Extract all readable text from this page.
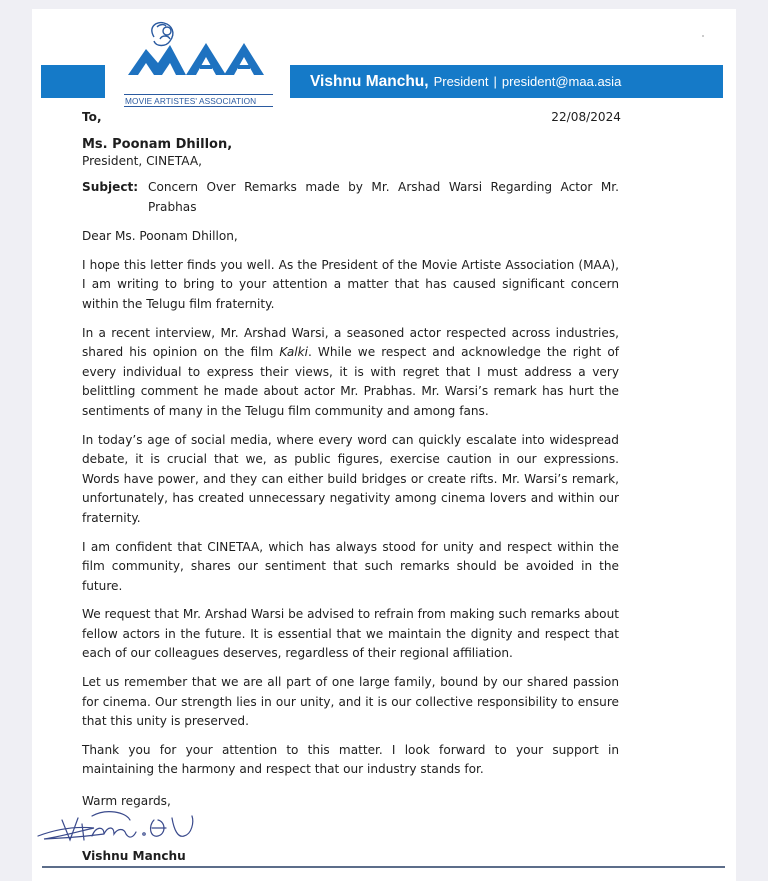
MOVIE ARTISTES' ASSOCIATION
Vishnu Manchu, President | president@maa.asia
To,	22/08/2024
Ms. Poonam Dhillon,
President, CINETAA,
Subject: Concern Over Remarks made by Mr. Arshad Warsi Regarding Actor Mr. Prabhas
Dear Ms. Poonam Dhillon,

I hope this letter finds you well. As the President of the Movie Artiste Association (MAA), I am writing to bring to your attention a matter that has caused significant concern within the Telugu film fraternity.

In a recent interview, Mr. Arshad Warsi, a seasoned actor respected across industries, shared his opinion on the film Kalki. While we respect and acknowledge the right of every individual to express their views, it is with regret that I must address a very belittling comment he made about actor Mr. Prabhas. Mr. Warsi’s remark has hurt the sentiments of many in the Telugu film community and among fans.

In today’s age of social media, where every word can quickly escalate into widespread debate, it is crucial that we, as public figures, exercise caution in our expressions. Words have power, and they can either build bridges or create rifts. Mr. Warsi’s remark, unfortunately, has created unnecessary negativity among cinema lovers and within our fraternity.

I am confident that CINETAA, which has always stood for unity and respect within the film community, shares our sentiment that such remarks should be avoided in the future.

We request that Mr. Arshad Warsi be advised to refrain from making such remarks about fellow actors in the future. It is essential that we maintain the dignity and respect that each of our colleagues deserves, regardless of their regional affiliation.

Let us remember that we are all part of one large family, bound by our shared passion for cinema. Our strength lies in our unity, and it is our collective responsibility to ensure that this unity is preserved.

Thank you for your attention to this matter. I look forward to your support in maintaining the harmony and respect that our industry stands for.

Warm regards,
Vishnu Manchu
